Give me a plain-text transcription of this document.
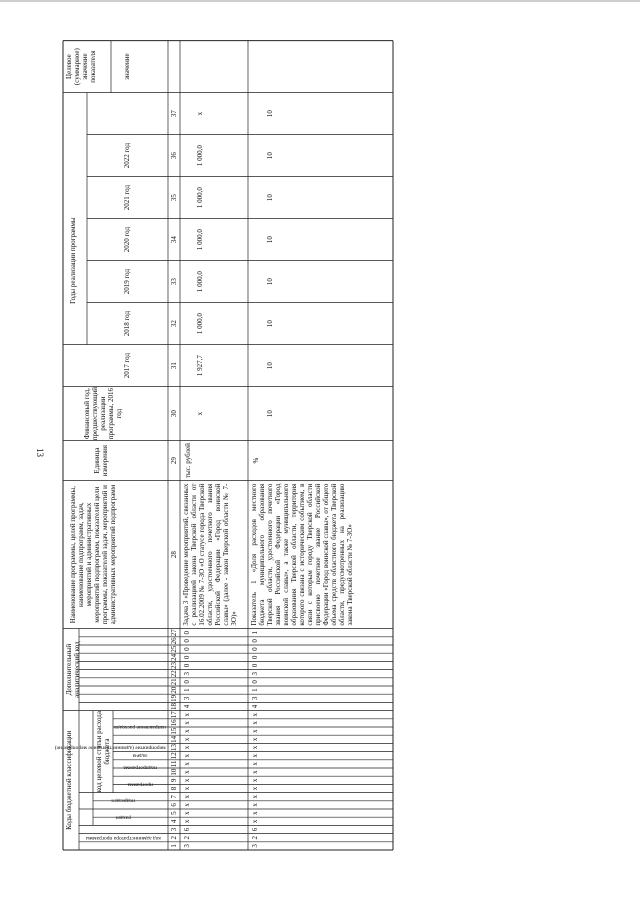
13
Коды бюджетной классификации
код администратора программы
раздел
подраздел
код целевой статьи расхода бюджета
программа
подпрограмма
задача
мероприятие (административное мероприятие)
направление расходов
Дополнительный аналитический код
Наименование программы, целей программы, наименование подпрограмм, задач, мероприятий и административных мероприятий подпрограмм, показателей цели программы, показателей задач, мероприятий и административных мероприятий подпрограмм
Единица измерения
Финансовый год, предшествующий реализации программы, 2016 год
Годы реализации программы
2017 год
2018 год
2019 год
2020 год
2021 год
2022 год
Целевое (суммарное) значение показателя	значение
Задача 3 «Проведение мероприятий, связанных с реализацией закона Тверской области от 16.02.2009 № 7-ЗО «О статусе города Тверской области, удостоенного почетного звания Российской Федерации «Город воинской славы» (далее - закон Тверской области № 7-ЗО)»
тыс. рублей
Показатель 1 «Доля расходов местного бюджета муниципального образования Тверской области, удостоенного почетного звания Российской Федерации «Город воинской славы», а также муниципального образования Тверской области, территория которого связана с историческим событием, в связи с которым городу Тверской области присвоено почетное звание Российской Федерации «Город воинской славы», от общего объема средств областного бюджета Тверской области, предусмотренных на реализацию закона Тверской области № 7-ЗО»
%
1
2
3
4
5
6
7
8
9
10
11
12
13
14
15
16
17
18
19
20
21
22
23
24
25
26
27
28
29
30
31
32
33
34
35
36
37
3
2
6
х
х
х
х
х
х
х
х
х
х
х
х
х
х
4
3
1
0
3
0
0
0
0
0
х
1 927,7
1 000,0
1 000,0
1 000,0
1 000,0
1 000,0
х
3
2
6
х
х
х
х
х
х
х
х
х
х
х
х
х
х
4
3
1
0
3
0
0
0
0
1
10
10
10
10
10
10
10
10
